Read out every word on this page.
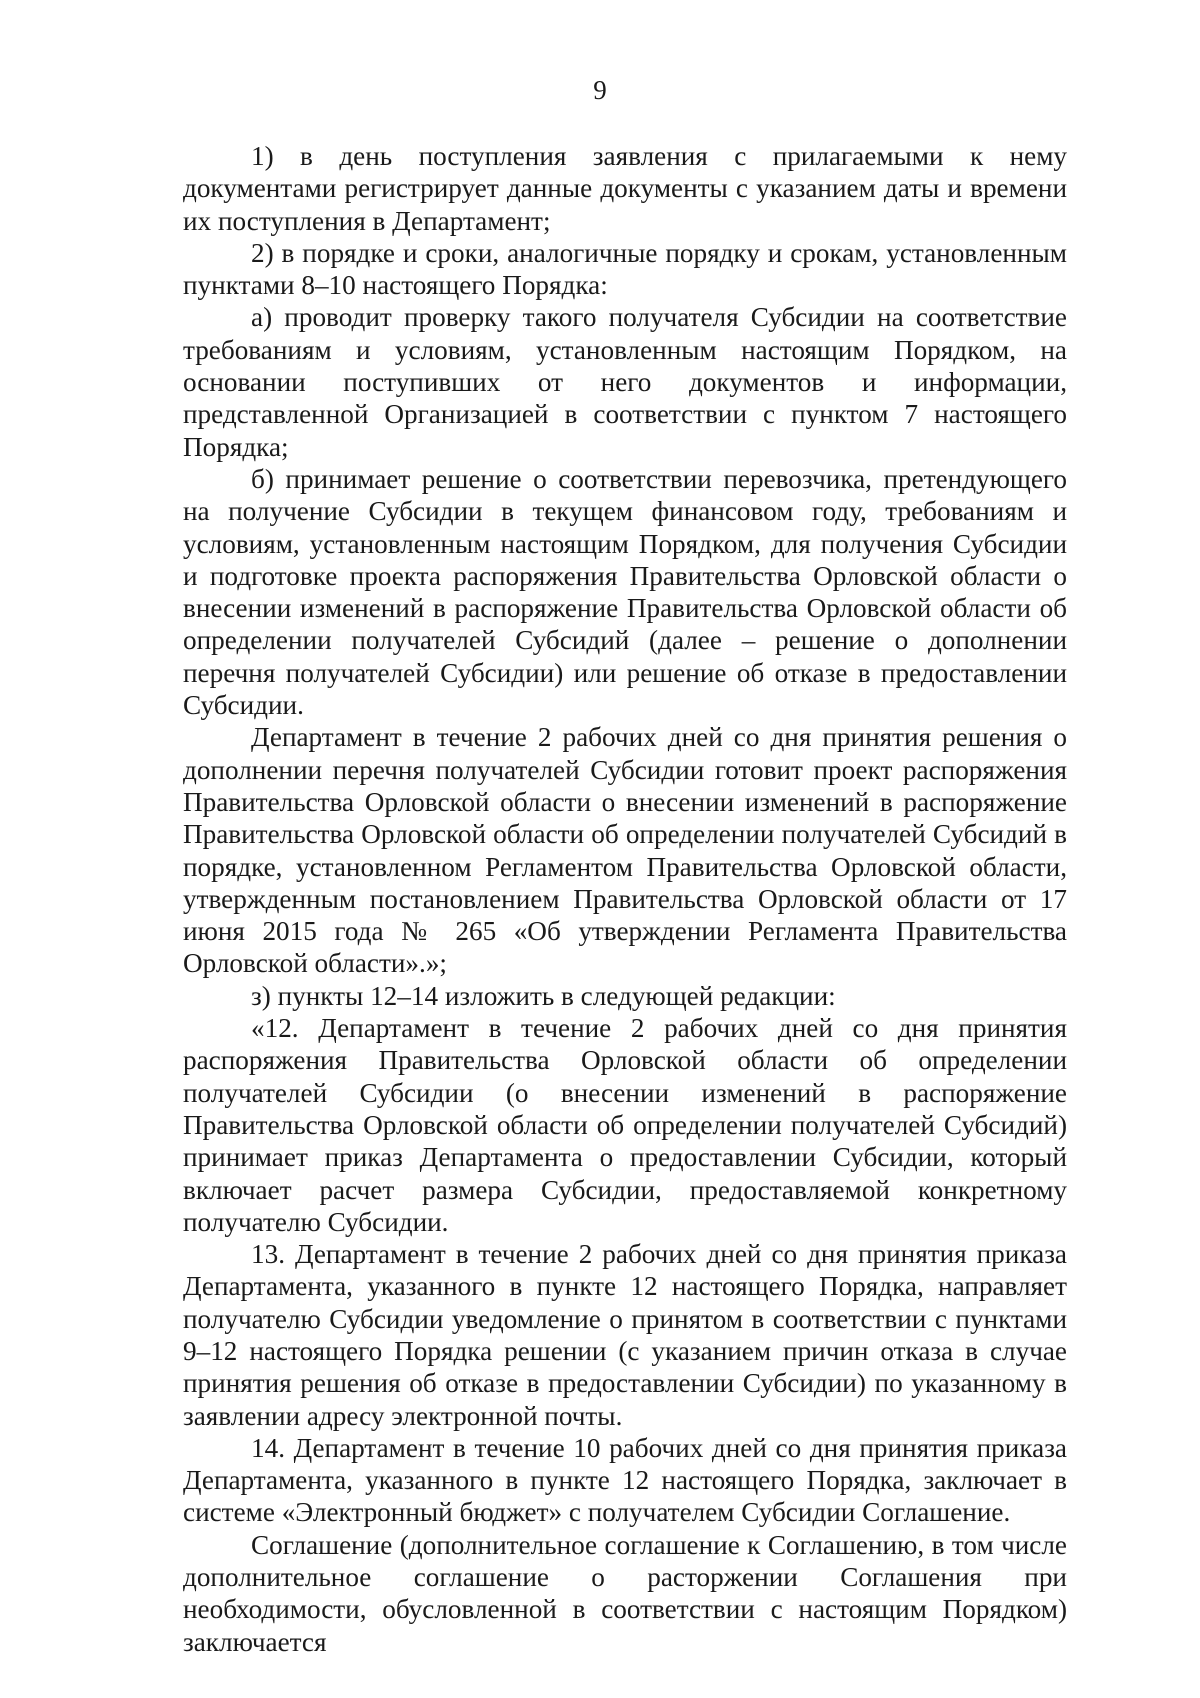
9

1) в день поступления заявления с прилагаемыми к нему документами регистрирует данные документы с указанием даты и времени их поступления в Департамент;

2) в порядке и сроки, аналогичные порядку и срокам, установленным пунктами 8–10 настоящего Порядка:

а) проводит проверку такого получателя Субсидии на соответствие требованиям и условиям, установленным настоящим Порядком, на основании поступивших от него документов и информации, представленной Организацией в соответствии с пунктом 7 настоящего Порядка;

б) принимает решение о соответствии перевозчика, претендующего на получение Субсидии в текущем финансовом году, требованиям и условиям, установленным настоящим Порядком, для получения Субсидии и подготовке проекта распоряжения Правительства Орловской области о внесении изменений в распоряжение Правительства Орловской области об определении получателей Субсидий (далее – решение о дополнении перечня получателей Субсидии) или решение об отказе в предоставлении Субсидии.

Департамент в течение 2 рабочих дней со дня принятия решения о дополнении перечня получателей Субсидии готовит проект распоряжения Правительства Орловской области о внесении изменений в распоряжение Правительства Орловской области об определении получателей Субсидий в порядке, установленном Регламентом Правительства Орловской области, утвержденным постановлением Правительства Орловской области от 17 июня 2015 года № 265 «Об утверждении Регламента Правительства Орловской области».»;

з) пункты 12–14 изложить в следующей редакции:

«12. Департамент в течение 2 рабочих дней со дня принятия распоряжения Правительства Орловской области об определении получателей Субсидии (о внесении изменений в распоряжение Правительства Орловской области об определении получателей Субсидий) принимает приказ Департамента о предоставлении Субсидии, который включает расчет размера Субсидии, предоставляемой конкретному получателю Субсидии.

13. Департамент в течение 2 рабочих дней со дня принятия приказа Департамента, указанного в пункте 12 настоящего Порядка, направляет получателю Субсидии уведомление о принятом в соответствии с пунктами 9–12 настоящего Порядка решении (с указанием причин отказа в случае принятия решения об отказе в предоставлении Субсидии) по указанному в заявлении адресу электронной почты.

14. Департамент в течение 10 рабочих дней со дня принятия приказа Департамента, указанного в пункте 12 настоящего Порядка, заключает в системе «Электронный бюджет» с получателем Субсидии Соглашение.

Соглашение (дополнительное соглашение к Соглашению, в том числе дополнительное соглашение о расторжении Соглашения при необходимости, обусловленной в соответствии с настоящим Порядком) заключается
